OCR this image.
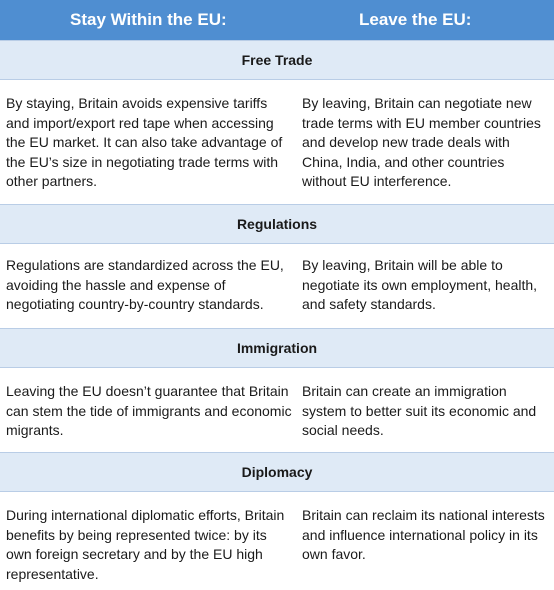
Stay Within the EU:	Leave the EU:
Free Trade
By staying, Britain avoids expensive tariffs and import/export red tape when accessing the EU market. It can also take advantage of the EU’s size in negotiating trade terms with other partners.
By leaving, Britain can negotiate new trade terms with EU member countries and develop new trade deals with China, India, and other countries without EU interference.
Regulations
Regulations are standardized across the EU, avoiding the hassle and expense of negotiating country-by-country standards.
By leaving, Britain will be able to negotiate its own employment, health, and safety standards.
Immigration
Leaving the EU doesn’t guarantee that Britain can stem the tide of immigrants and economic migrants.
Britain can create an immigration system to better suit its economic and social needs.
Diplomacy
During international diplomatic efforts, Britain benefits by being represented twice: by its own foreign secretary and by the EU high representative.
Britain can reclaim its national interests and influence international policy in its own favor.
